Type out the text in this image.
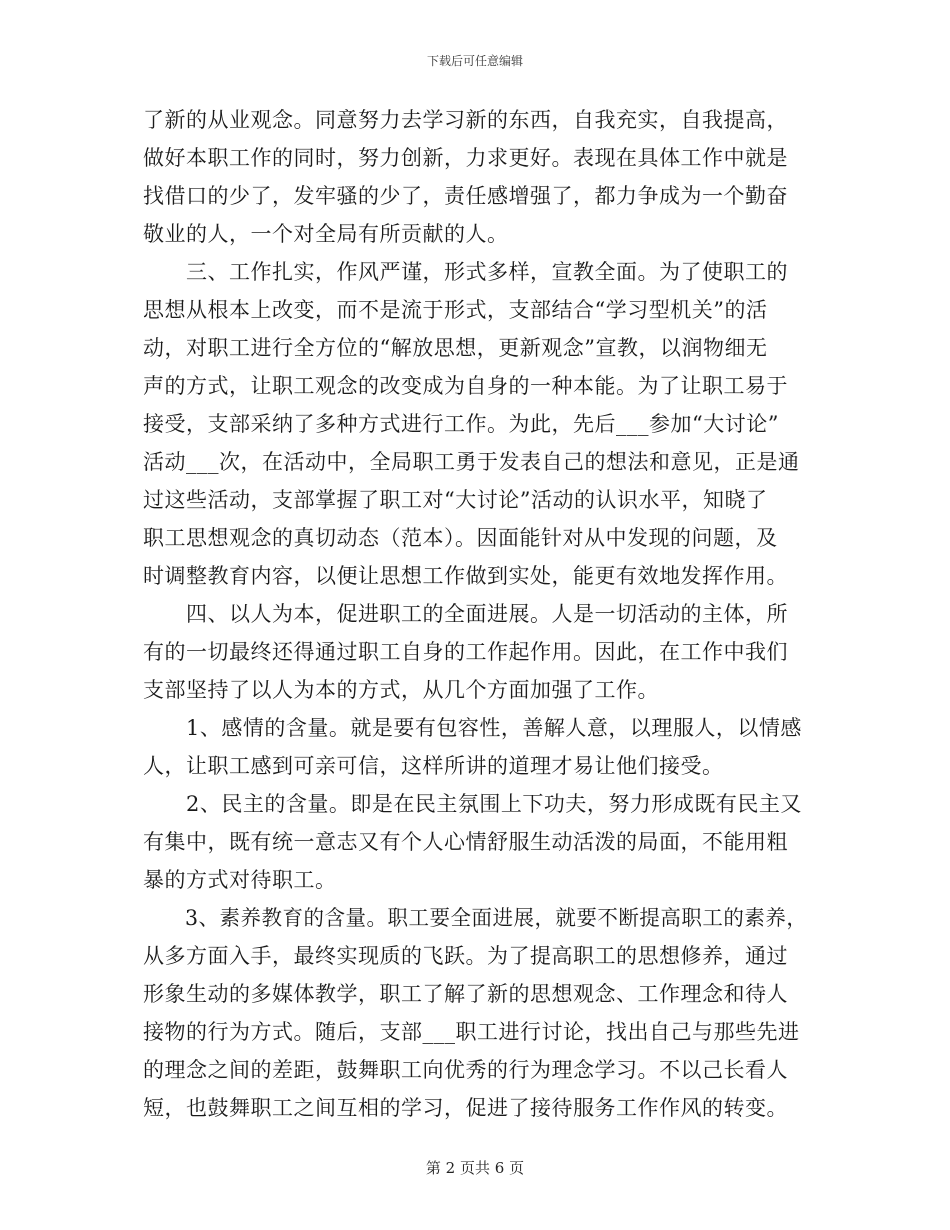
下载后可任意编辑
了新的从业观念。同意努力去学习新的东西，自我充实，自我提高，
做好本职工作的同时，努力创新，力求更好。表现在具体工作中就是
找借口的少了，发牢骚的少了，责任感增强了，都力争成为一个勤奋
敬业的人，一个对全局有所贡献的人。
　　三、工作扎实，作风严谨，形式多样，宣教全面。为了使职工的
思想从根本上改变，而不是流于形式，支部结合“学习型机关”的活
动，对职工进行全方位的“解放思想，更新观念”宣教，以润物细无
声的方式，让职工观念的改变成为自身的一种本能。为了让职工易于
接受，支部采纳了多种方式进行工作。为此，先后___参加“大讨论”
活动___次，在活动中，全局职工勇于发表自己的想法和意见，正是通
过这些活动，支部掌握了职工对“大讨论”活动的认识水平，知晓了
职工思想观念的真切动态（范本）。因面能针对从中发现的问题，及
时调整教育内容，以便让思想工作做到实处，能更有效地发挥作用。
　　四、以人为本，促进职工的全面进展。人是一切活动的主体，所
有的一切最终还得通过职工自身的工作起作用。因此，在工作中我们
支部坚持了以人为本的方式，从几个方面加强了工作。
　　1、感情的含量。就是要有包容性，善解人意，以理服人，以情感
人，让职工感到可亲可信，这样所讲的道理才易让他们接受。
　　2、民主的含量。即是在民主氛围上下功夫，努力形成既有民主又
有集中，既有统一意志又有个人心情舒服生动活泼的局面，不能用粗
暴的方式对待职工。
　　3、素养教育的含量。职工要全面进展，就要不断提高职工的素养，
从多方面入手，最终实现质的飞跃。为了提高职工的思想修养，通过
形象生动的多媒体教学，职工了解了新的思想观念、工作理念和待人
接物的行为方式。随后，支部___职工进行讨论，找出自己与那些先进
的理念之间的差距，鼓舞职工向优秀的行为理念学习。不以己长看人
短，也鼓舞职工之间互相的学习，促进了接待服务工作作风的转变。
第 2 页共 6 页
